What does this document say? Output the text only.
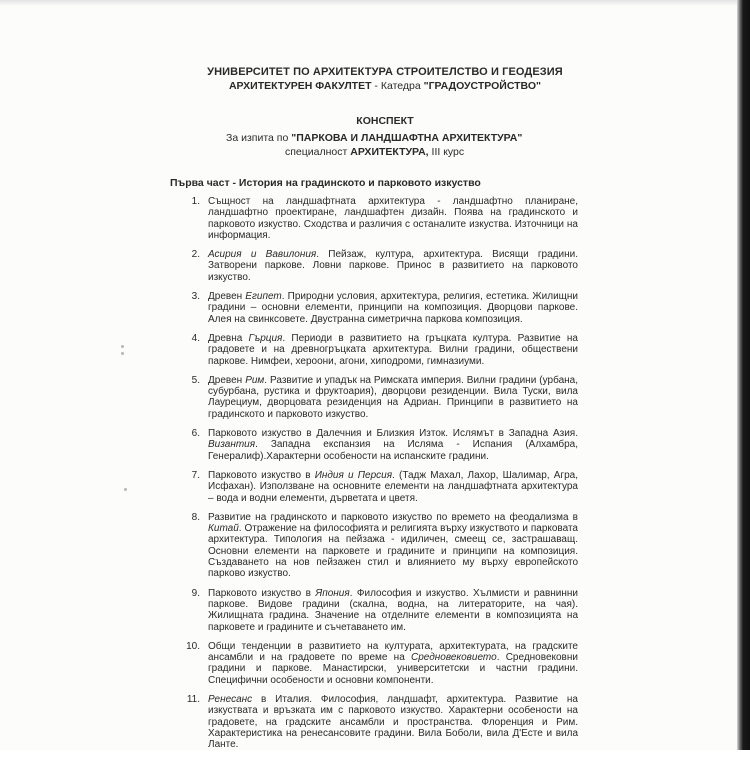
УНИВЕРСИТЕТ ПО АРХИТЕКТУРА СТРОИТЕЛСТВО И ГЕОДЕЗИЯ
АРХИТЕКТУРЕН ФАКУЛТЕТ - Катедра "ГРАДОУСТРОЙСТВО"
КОНСПЕКТ
За изпита по "ПАРКОВА И ЛАНДШАФТНА АРХИТЕКТУРА"
специалност АРХИТЕКТУРА, III курс
Първа част - История на градинското и парковото изкуство
1. Същност на ландшафтната архитектура - ландшафтно планиране, ландшафтно проектиране, ландшафтен дизайн. Поява на градинското и парковото изкуство. Сходства и различия с останалите изкуства. Източници на информация.
2. Асирия и Вавилония. Пейзаж, култура, архитектура. Висящи градини. Затворени паркове. Ловни паркове. Принос в развитието на парковото изкуство.
3. Древен Египет. Природни условия, архитектура, религия, естетика. Жилищни градини – основни елементи, принципи на композиция. Дворцови паркове. Алея на свинксовете. Двустранна симетрична паркова композиция.
4. Древна Гърция. Периоди в развитието на гръцката култура. Развитие на градовете и на древногръцката архитектура. Вилни градини, обществени паркове. Нимфеи, хероони, агони, хиподроми, гимназиуми.
5. Древен Рим. Развитие и упадък на Римската империя. Вилни градини (урбана, субурбана, рустика и фруктоария), дворцови резиденции. Вила Туски, вила Лаурециум, дворцовата резиденция на Адриан. Принципи в развитието на градинското и парковото изкуство.
6. Парковото изкуство в Далечния и Близкия Изток. Ислямът в Западна Азия. Византия. Западна експанзия на Исляма - Испания (Алхамбра, Генералиф).Характерни особености на испанските градини.
7. Парковото изкуство в Индия и Персия. (Тадж Махал, Лахор, Шалимар, Агра, Исфахан). Използване на основните елементи на ландшафтната архитектура – вода и водни елементи, дърветата и цветя.
8. Развитие на градинското и парковото изкуство по времето на феодализма в Китай. Отражение на философията и религията върху изкуството и парковата архитектура. Типология на пейзажа - идиличен, смеещ се, застрашаващ. Основни елементи на парковете и градините и принципи на композиция. Създаването на нов пейзажен стил и влиянието му върху европейското парково изкуство.
9. Парковото изкуство в Япония. Философия и изкуство. Хълмисти и равнинни паркове. Видове градини (скална, водна, на литераторите, на чая). Жилищната градина. Значение на отделните елементи в композицията на парковете и градините и съчетаването им.
10. Общи тенденции в развитието на културата, архитектурата, на градските ансамбли и на градовете по време на Средновековието. Средновековни градини и паркове. Манастирски, университетски и частни градини. Специфични особености и основни компоненти.
11. Ренесанс в Италия. Философия, ландшафт, архитектура. Развитие на изкуствата и връзката им с парковото изкуство. Характерни особености на градовете, на градските ансамбли и пространства. Флоренция и Рим. Характеристика на ренесансовите градини. Вила Боболи, вила Д'Есте и вила Ланте.
